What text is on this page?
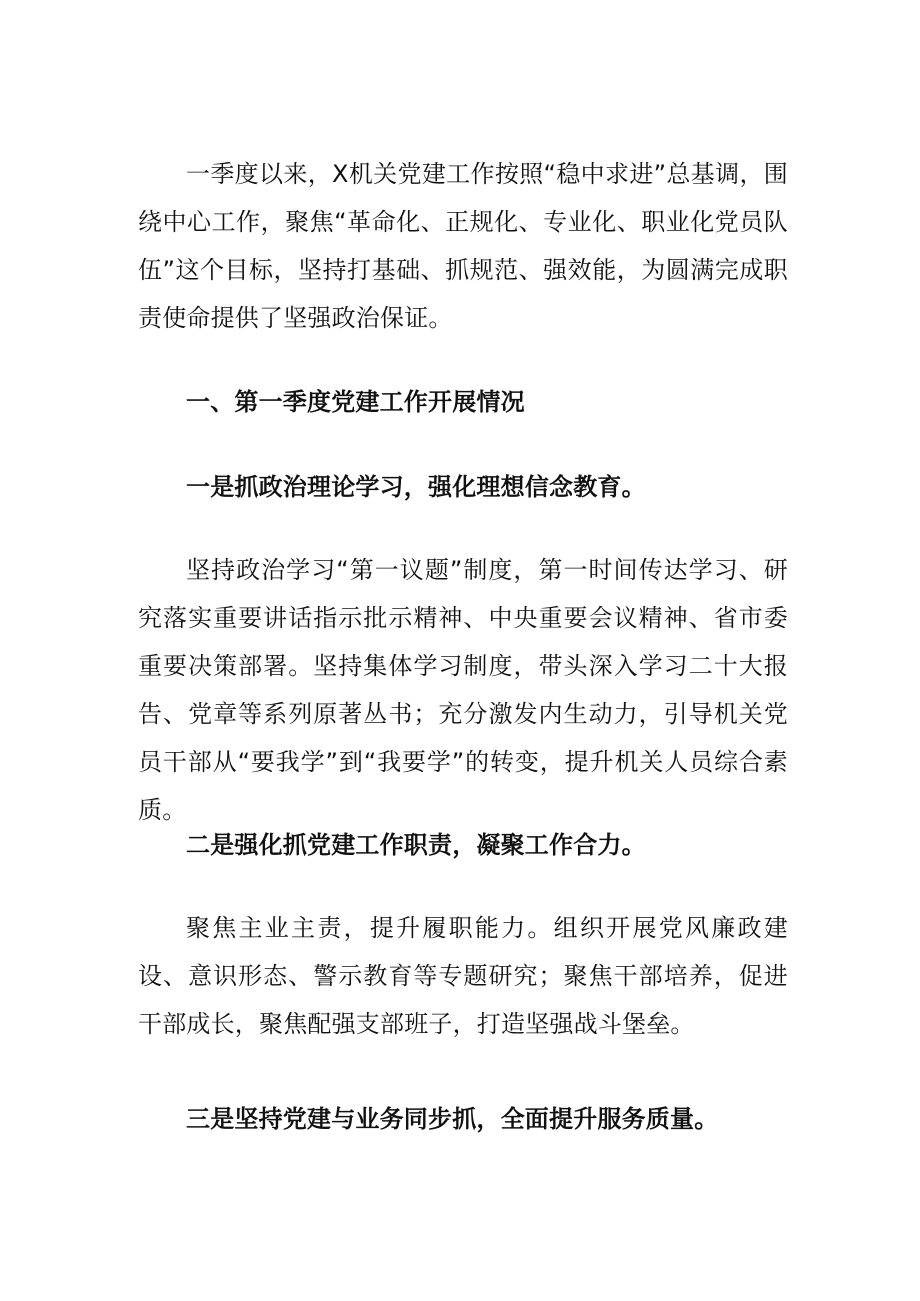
一季度以来，X机关党建工作按照“稳中求进”总基调，围绕中心工作，聚焦“革命化、正规化、专业化、职业化党员队伍”这个目标，坚持打基础、抓规范、强效能，为圆满完成职责使命提供了坚强政治保证。

一、第一季度党建工作开展情况

一是抓政治理论学习，强化理想信念教育。

坚持政治学习“第一议题”制度，第一时间传达学习、研究落实重要讲话指示批示精神、中央重要会议精神、省市委重要决策部署。坚持集体学习制度，带头深入学习二十大报告、党章等系列原著丛书；充分激发内生动力，引导机关党员干部从“要我学”到“我要学”的转变，提升机关人员综合素质。

二是强化抓党建工作职责，凝聚工作合力。

聚焦主业主责，提升履职能力。组织开展党风廉政建设、意识形态、警示教育等专题研究；聚焦干部培养，促进干部成长，聚焦配强支部班子，打造坚强战斗堡垒。

三是坚持党建与业务同步抓，全面提升服务质量。
